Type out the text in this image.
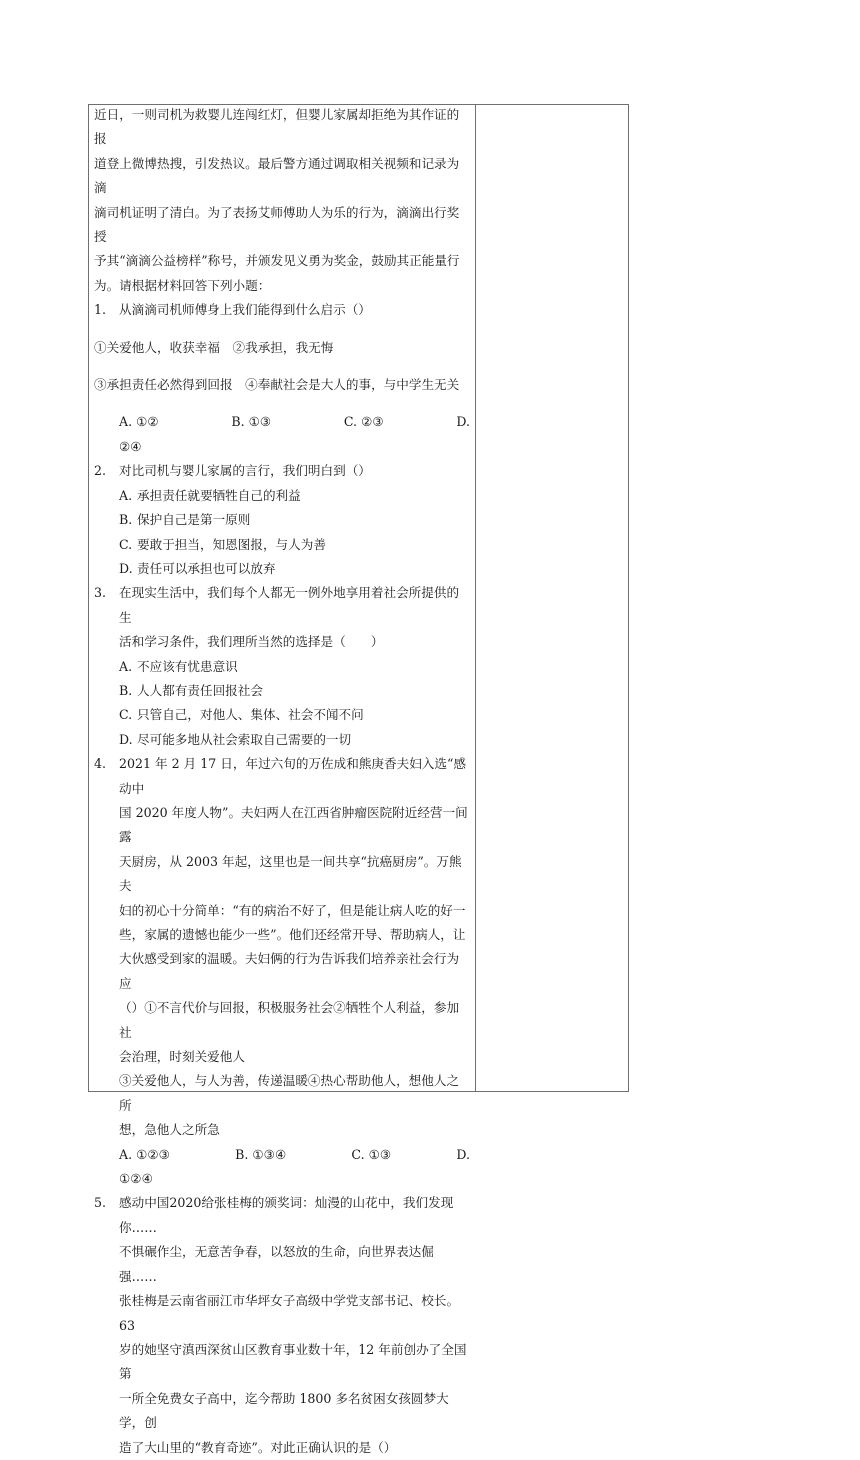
近日，一则司机为救婴儿连闯红灯，但婴儿家属却拒绝为其作证的报

道登上微博热搜，引发热议。最后警方通过调取相关视频和记录为滴

滴司机证明了清白。为了表扬艾师傅助人为乐的行为，滴滴出行奖授

予其“滴滴公益榜样”称号，并颁发见义勇为奖金，鼓励其正能量行

为。请根据材料回答下列小题：

1.	从滴滴司机师傅身上我们能得到什么启示（）

①关爱他人，收获幸福　②我承担，我无悔

③承担责任必然得到回报　④奉献社会是大人的事，与中学生无关

A. ①②	B. ①③	C. ②③	D.

②④

2.	对比司机与婴儿家属的言行，我们明白到（）
A. 承担责任就要牺牲自己的利益
B. 保护自己是第一原则
C. 要敢于担当，知恩图报，与人为善
D. 责任可以承担也可以放弃
3.	在现实生活中，我们每个人都无一例外地享用着社会所提供的生

活和学习条件，我们理所当然的选择是（　　）

A. 不应该有忧患意识
B. 人人都有责任回报社会
C. 只管自己，对他人、集体、社会不闻不问
D. 尽可能多地从社会索取自己需要的一切
4.	2021 年 2 月 17 日，年过六旬的万佐成和熊庚香夫妇入选“感动中

国 2020 年度人物”。夫妇两人在江西省肿瘤医院附近经营一间露

天厨房，从 2003 年起，这里也是一间共享“抗癌厨房”。万熊夫

妇的初心十分简单：“有的病治不好了，但是能让病人吃的好一

些，家属的遗憾也能少一些”。他们还经常开导、帮助病人，让

大伙感受到家的温暖。夫妇俩的行为告诉我们培养亲社会行为应

（）①不言代价与回报，积极服务社会②牺牲个人利益，参加社

会治理，时刻关爱他人

③关爱他人，与人为善，传递温暖④热心帮助他人，想他人之所

想，急他人之所急

A. ①②③	B. ①③④	C. ①③	D.

①②④

5.	感动中国2020给张桂梅的颁奖词：灿漫的山花中，我们发现你……

不惧碾作尘，无意苦争春，以怒放的生命，向世界表达倔强……

张桂梅是云南省丽江市华坪女子高级中学党支部书记、校长。63

岁的她坚守滇西深贫山区教育事业数十年，12 年前创办了全国第

一所全免费女子高中，迄今帮助 1800 多名贫困女孩圆梦大学，创

造了大山里的“教育奇迹”。对此正确认识的是（）
